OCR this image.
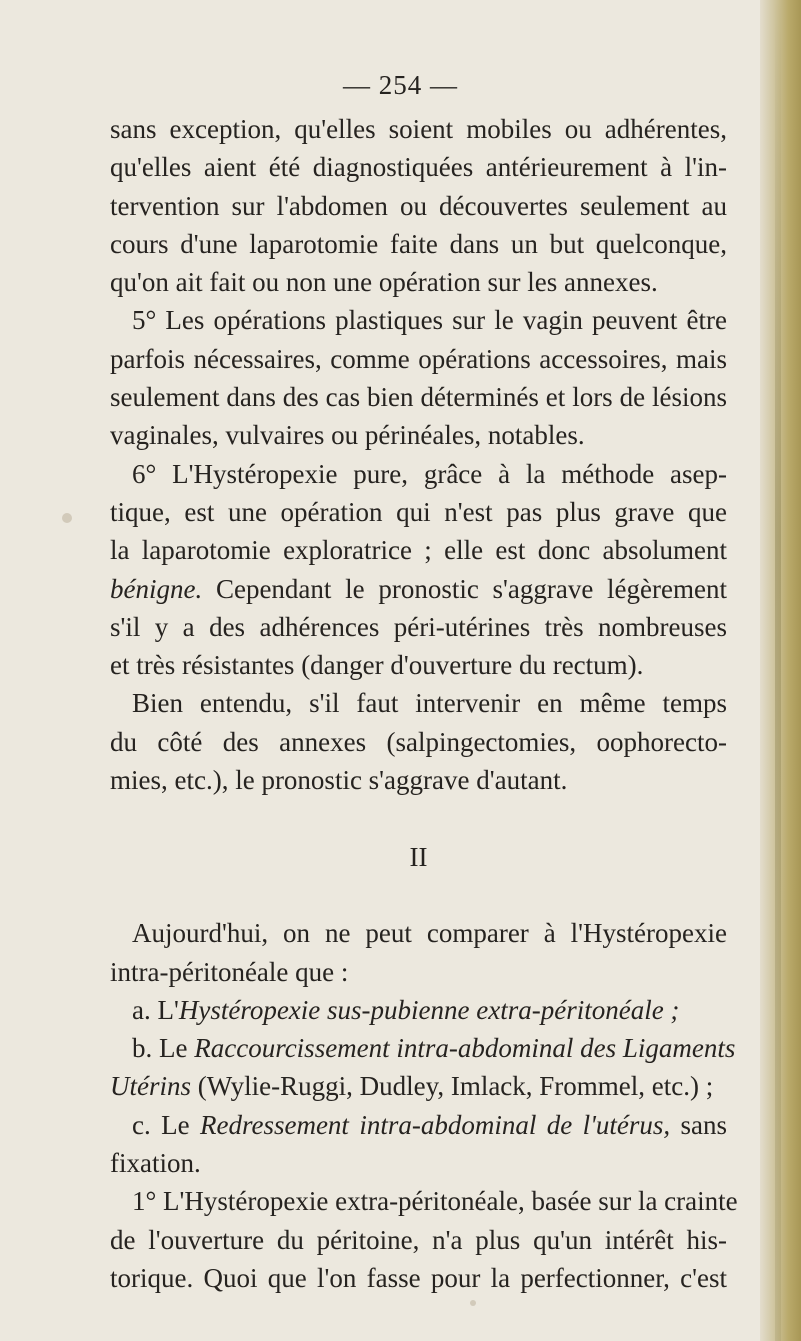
— 254 —
sans exception, qu'elles soient mobiles ou adhérentes,
qu'elles aient été diagnostiquées antérieurement à l'in-
tervention sur l'abdomen ou découvertes seulement au
cours d'une laparotomie faite dans un but quelconque,
qu'on ait fait ou non une opération sur les annexes.
5° Les opérations plastiques sur le vagin peuvent être
parfois nécessaires, comme opérations accessoires, mais
seulement dans des cas bien déterminés et lors de lésions
vaginales, vulvaires ou périnéales, notables.
6° L'Hystéropexie pure, grâce à la méthode asep-
tique, est une opération qui n'est pas plus grave que
la laparotomie exploratrice ; elle est donc absolument
bénigne. Cependant le pronostic s'aggrave légèrement
s'il y a des adhérences péri-utérines très nombreuses
et très résistantes (danger d'ouverture du rectum).
Bien entendu, s'il faut intervenir en même temps
du côté des annexes (salpingectomies, oophorecto-
mies, etc.), le pronostic s'aggrave d'autant.
II
Aujourd'hui, on ne peut comparer à l'Hystéropexie
intra-péritonéale que :
a. L'Hystéropexie sus-pubienne extra-péritonéale ;
b. Le Raccourcissement intra-abdominal des Ligaments
Utérins (Wylie-Ruggi, Dudley, Imlack, Frommel, etc.) ;
c. Le Redressement intra-abdominal de l'utérus, sans
fixation.
1° L'Hystéropexie extra-péritonéale, basée sur la crainte
de l'ouverture du péritoine, n'a plus qu'un intérêt his-
torique. Quoi que l'on fasse pour la perfectionner, c'est
